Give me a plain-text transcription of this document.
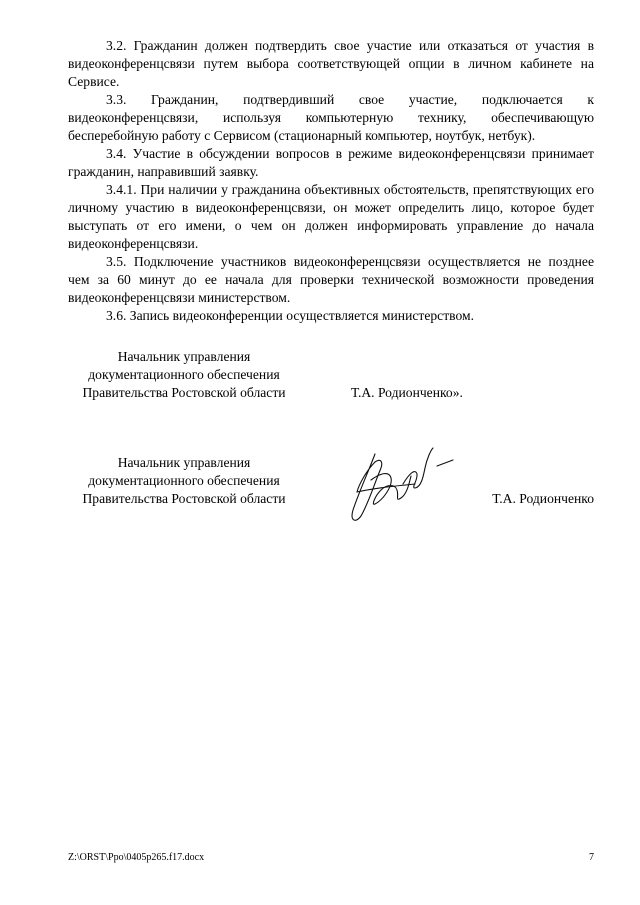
3.2. Гражданин должен подтвердить свое участие или отказаться от участия в видеоконференцсвязи путем выбора соответствующей опции в личном кабинете на Сервисе.

3.3. Гражданин, подтвердивший свое участие, подключается к видеоконференцсвязи, используя компьютерную технику, обеспечивающую бесперебойную работу с Сервисом (стационарный компьютер, ноутбук, нетбук).

3.4. Участие в обсуждении вопросов в режиме видеоконференцсвязи принимает гражданин, направивший заявку.

3.4.1. При наличии у гражданина объективных обстоятельств, препятствующих его личному участию в видеоконференцсвязи, он может определить лицо, которое будет выступать от его имени, о чем он должен информировать управление до начала видеоконференцсвязи.

3.5. Подключение участников видеоконференцсвязи осуществляется не позднее чем за 60 минут до ее начала для проверки технической возможности проведения видеоконференцсвязи министерством.

3.6. Запись видеоконференции осуществляется министерством.

Начальник управления
документационного обеспечения
Правительства Ростовской области	Т.А. Родионченко».
Начальник управления
документационного обеспечения
Правительства Ростовской области	Т.А. Родионченко
Z:\ORST\Ppo\0405p265.f17.docx	7
